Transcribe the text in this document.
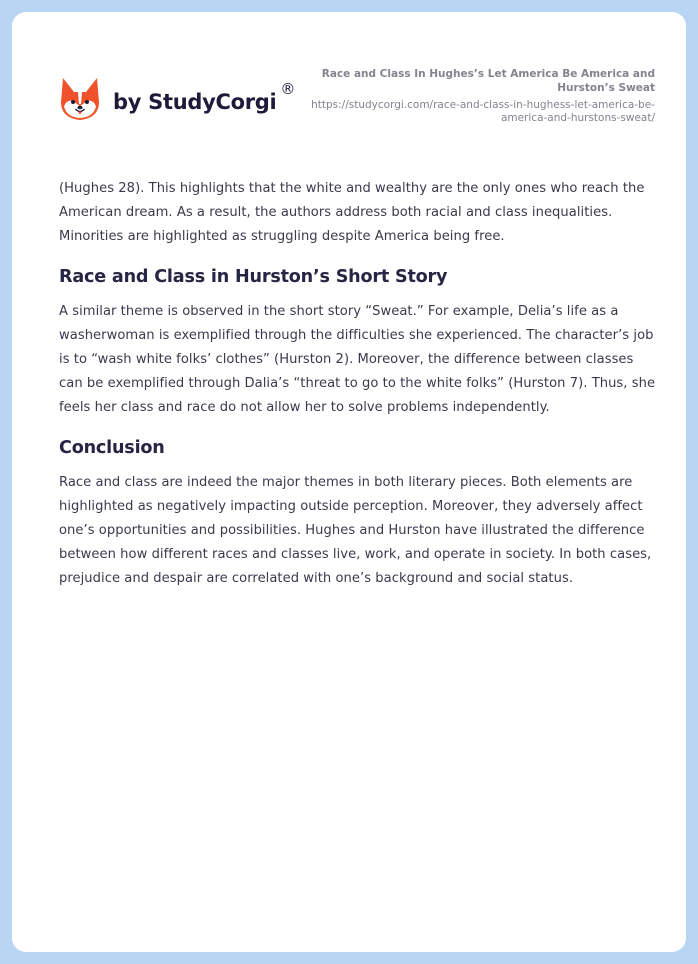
by StudyCorgi
®
Race and Class In Hughes’s Let America Be America and Hurston’s Sweat
https://studycorgi.com/race-and-class-in-hughess-let-america-be-america-and-hurstons-sweat/

(Hughes 28). This highlights that the white and wealthy are the only ones who reach the American dream. As a result, the authors address both racial and class inequalities. Minorities are highlighted as struggling despite America being free.

Race and Class in Hurston’s Short Story

A similar theme is observed in the short story “Sweat.” For example, Delia’s life as a washerwoman is exemplified through the difficulties she experienced. The character’s job is to “wash white folks’ clothes” (Hurston 2). Moreover, the difference between classes can be exemplified through Dalia’s “threat to go to the white folks” (Hurston 7). Thus, she feels her class and race do not allow her to solve problems independently.

Conclusion

Race and class are indeed the major themes in both literary pieces. Both elements are highlighted as negatively impacting outside perception. Moreover, they adversely affect one’s opportunities and possibilities. Hughes and Hurston have illustrated the difference between how different races and classes live, work, and operate in society. In both cases, prejudice and despair are correlated with one’s background and social status.
